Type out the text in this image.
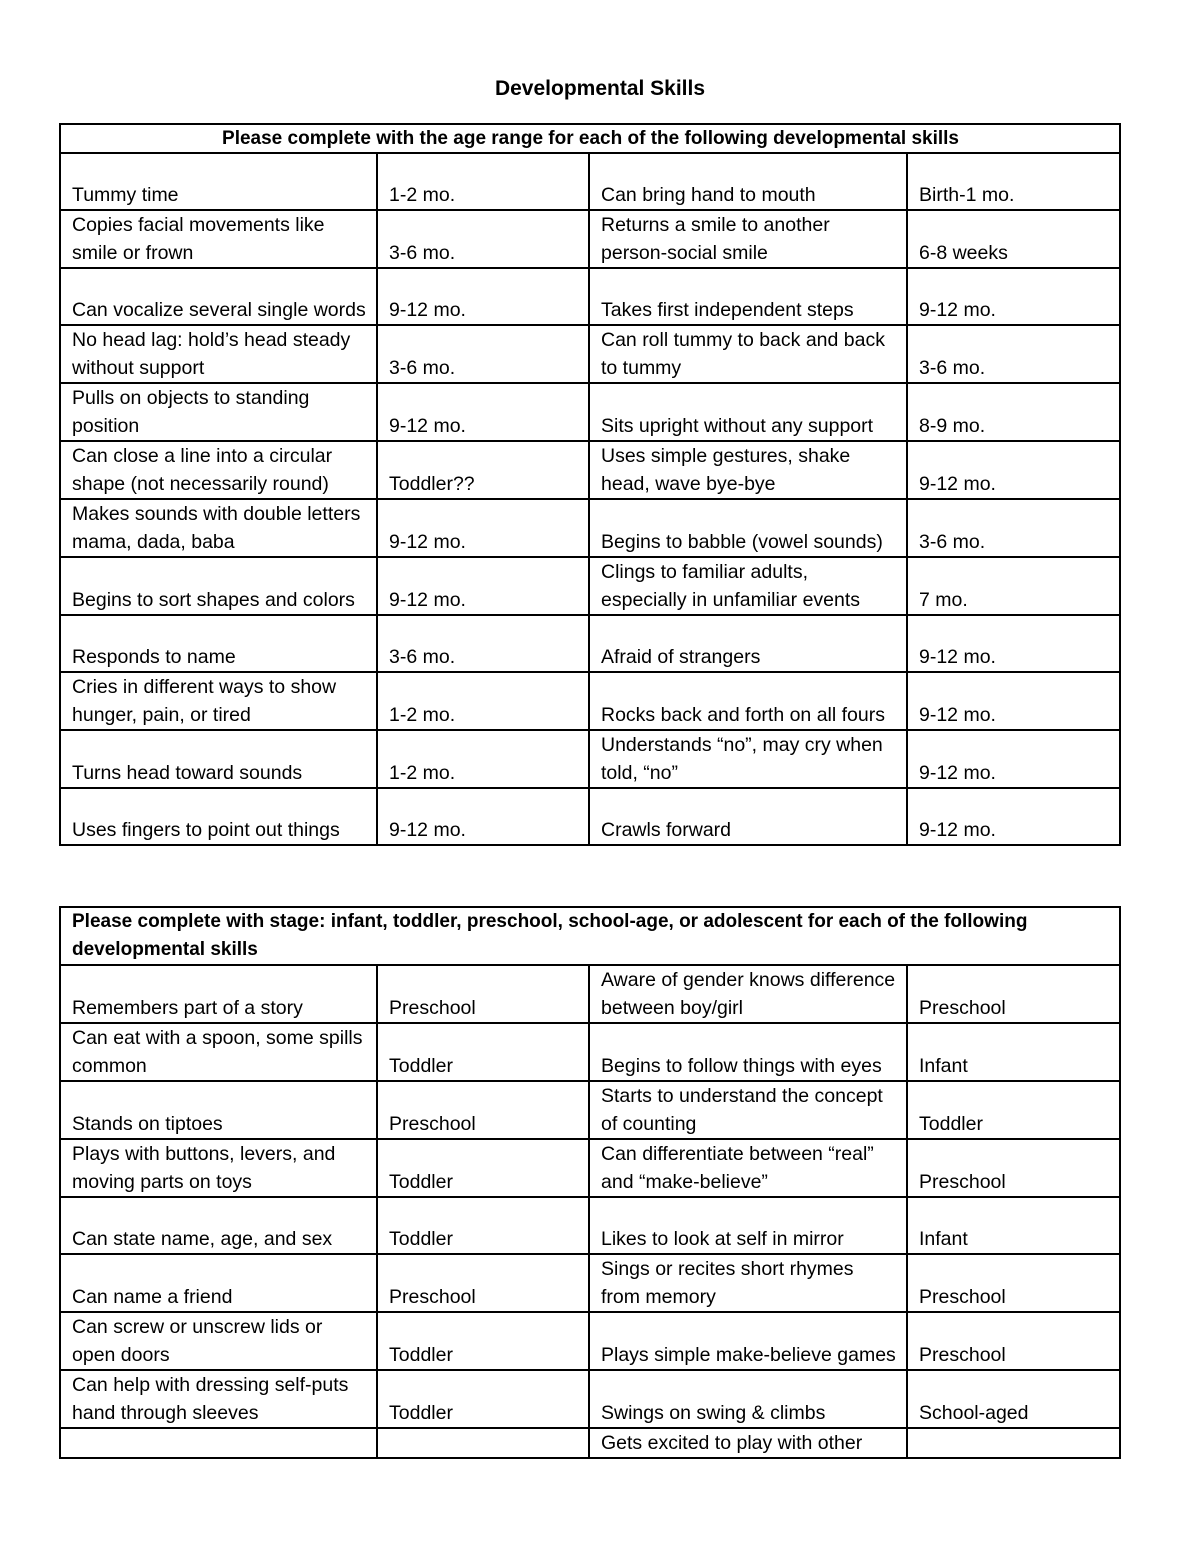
Developmental Skills
Please complete with the age range for each of the following developmental skills			
Tummy time	1-2 mo.	Can bring hand to mouth	Birth-1 mo.
Copies facial movements like smile or frown	3-6 mo.	Returns a smile to another person-social smile	6-8 weeks
Can vocalize several single words	9-12 mo.	Takes first independent steps	9-12 mo.
No head lag: hold’s head steady without support	3-6 mo.	Can roll tummy to back and back to tummy	3-6 mo.
Pulls on objects to standing position	9-12 mo.	Sits upright without any support	8-9 mo.
Can close a line into a circular shape (not necessarily round)	Toddler??	Uses simple gestures, shake head, wave bye-bye	9-12 mo.
Makes sounds with double letters mama, dada, baba	9-12 mo.	Begins to babble (vowel sounds)	3-6 mo.
Begins to sort shapes and colors	9-12 mo.	Clings to familiar adults, especially in unfamiliar events	7 mo.
Responds to name	3-6 mo.	Afraid of strangers	9-12 mo.
Cries in different ways to show hunger, pain, or tired	1-2 mo.	Rocks back and forth on all fours	9-12 mo.
Turns head toward sounds	1-2 mo.	Understands “no”, may cry when told, “no”	9-12 mo.
Uses fingers to point out things	9-12 mo.	Crawls forward	9-12 mo.
Please complete with stage: infant, toddler, preschool, school-age, or adolescent for each of the following developmental skills			
Remembers part of a story	Preschool	Aware of gender knows difference between boy/girl	Preschool
Can eat with a spoon, some spills common	Toddler	Begins to follow things with eyes	Infant
Stands on tiptoes	Preschool	Starts to understand the concept of counting	Toddler
Plays with buttons, levers, and moving parts on toys	Toddler	Can differentiate between “real” and “make-believe”	Preschool
Can state name, age, and sex	Toddler	Likes to look at self in mirror	Infant
Can name a friend	Preschool	Sings or recites short rhymes from memory	Preschool
Can screw or unscrew lids or open doors	Toddler	Plays simple make-believe games	Preschool
Can help with dressing self-puts hand through sleeves	Toddler	Swings on swing & climbs	School-aged
		Gets excited to play with other	
